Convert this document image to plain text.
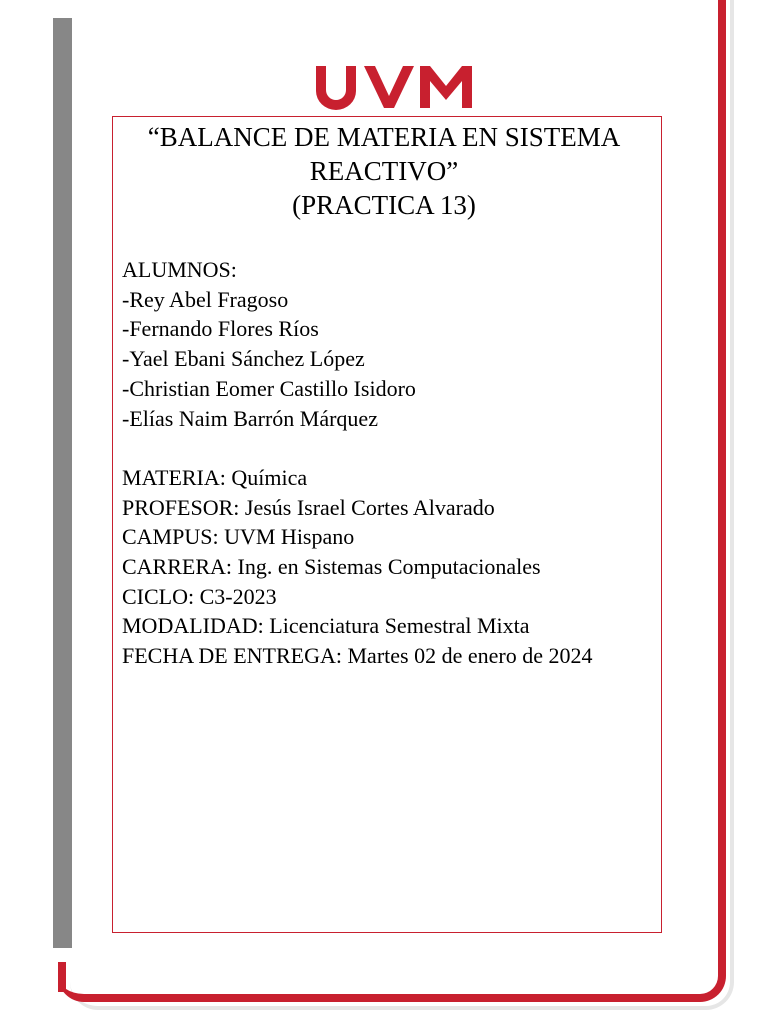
“BALANCE DE MATERIA EN SISTEMA
REACTIVO”
(PRACTICA 13)
ALUMNOS:
-Rey Abel Fragoso
-Fernando Flores Ríos
-Yael Ebani Sánchez López
-Christian Eomer Castillo Isidoro
-Elías Naim Barrón Márquez
MATERIA: Química
PROFESOR: Jesús Israel Cortes Alvarado
CAMPUS: UVM Hispano
CARRERA: Ing. en Sistemas Computacionales
CICLO: C3-2023
MODALIDAD: Licenciatura Semestral Mixta
FECHA DE ENTREGA: Martes 02 de enero de 2024
